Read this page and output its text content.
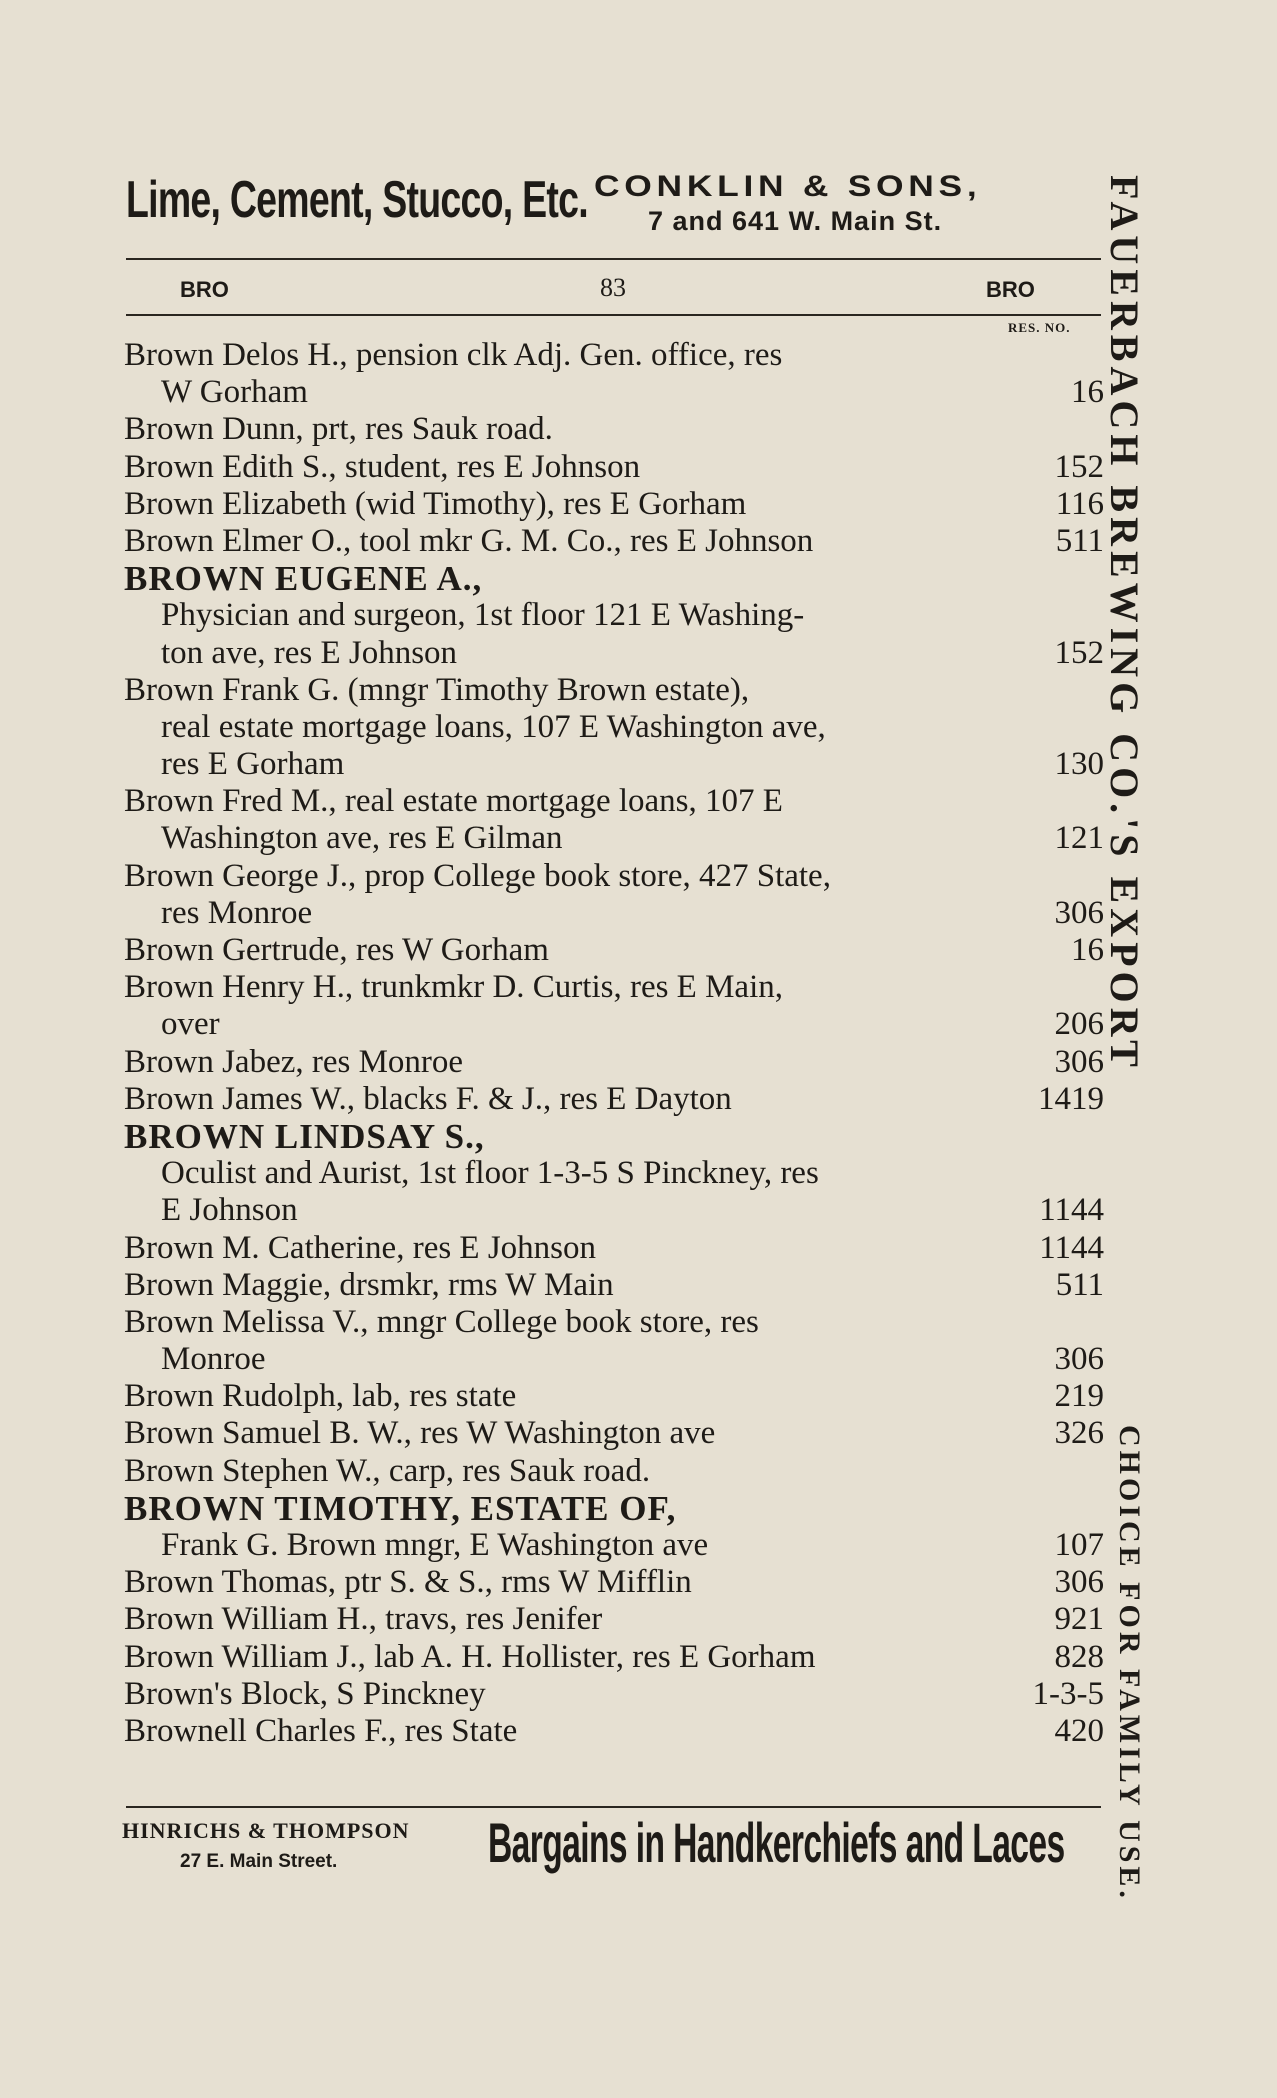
Lime, Cement, Stucco, Etc. CONKLIN & SONS,
7 and 641 W. Main St.
BRO	83	BRO
RES. NO.
Brown Delos H., pension clk Adj. Gen. office, res
W Gorham	16
Brown Dunn, prt, res Sauk road.
Brown Edith S., student, res E Johnson	152
Brown Elizabeth (wid Timothy), res E Gorham	116
Brown Elmer O., tool mkr G. M. Co., res E Johnson	511
BROWN EUGENE A.,
Physician and surgeon, 1st floor 121 E Washing-
ton ave, res E Johnson	152
Brown Frank G. (mngr Timothy Brown estate),
real estate mortgage loans, 107 E Washington ave,
res E Gorham	130
Brown Fred M., real estate mortgage loans, 107 E
Washington ave, res E Gilman	121
Brown George J., prop College book store, 427 State,
res Monroe	306
Brown Gertrude, res W Gorham	16
Brown Henry H., trunkmkr D. Curtis, res E Main,
over	206
Brown Jabez, res Monroe	306
Brown James W., blacks F. & J., res E Dayton	1419
BROWN LINDSAY S.,
Oculist and Aurist, 1st floor 1-3-5 S Pinckney, res
E Johnson	1144
Brown M. Catherine, res E Johnson	1144
Brown Maggie, drsmkr, rms W Main	511
Brown Melissa V., mngr College book store, res
Monroe	306
Brown Rudolph, lab, res state	219
Brown Samuel B. W., res W Washington ave	326
Brown Stephen W., carp, res Sauk road.
BROWN TIMOTHY, ESTATE OF,
Frank G. Brown mngr, E Washington ave	107
Brown Thomas, ptr S. & S., rms W Mifflin	306
Brown William H., travs, res Jenifer	921
Brown William J., lab A. H. Hollister, res E Gorham	828
Brown's Block, S Pinckney	1-3-5
Brownell Charles F., res State	420
HINRICHS & THOMPSON
27 E. Main Street.	Bargains in Handkerchiefs and Laces
FAUERBACH BREWING CO.'S EXPORT
CHOICE FOR FAMILY USE.
